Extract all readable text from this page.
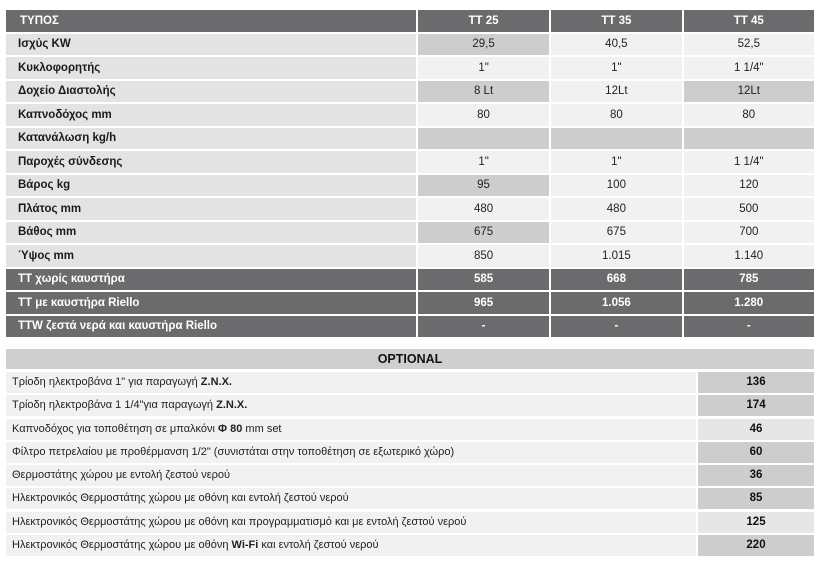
ΤΥΠΟΣ	TT 25	TT 35	TT 45
Ισχύς KW	29,5	40,5	52,5
Κυκλοφορητής	1"	1"	1 1/4"
Δοχείο Διαστολής	8 Lt	12Lt	12Lt
Καπνοδόχος mm	80	80	80
Κατανάλωση kg/h			
Παροχές σύνδεσης	1"	1"	1 1/4"
Βάρος kg	95	100	120
Πλάτος mm	480	480	500
Βάθος mm	675	675	700
Ύψος mm	850	1.015	1.140
TT χωρίς καυστήρα	585	668	785
TT με καυστήρα Riello	965	1.056	1.280
TTW ζεστά νερά και καυστήρα Riello	-	-	-
OPTIONAL
Τρίοδη ηλεκτροβάνα 1" για παραγωγή Z.N.X.	136
Τρίοδη ηλεκτροβάνα 1 1/4"για παραγωγή Z.N.X.	174
Καπνοδόχος για τοποθέτηση σε μπαλκόνι Φ 80 mm set	46
Φίλτρο πετρελαίου με προθέρμανση 1/2" (συνιστάται στην τοποθέτηση σε εξωτερικό χώρο)	60
Θερμοστάτης χώρου με εντολή ζεστού νερού	36
Ηλεκτρονικός Θερμοστάτης χώρου με οθόνη και εντολή ζεστού νερού	85
Ηλεκτρονικός Θερμοστάτης χώρου με οθόνη και προγραμματισμό και με εντολή ζεστού νερού	125
Ηλεκτρονικός Θερμοστάτης χώρου με οθόνη Wi-Fi και εντολή ζεστού νερού	220
